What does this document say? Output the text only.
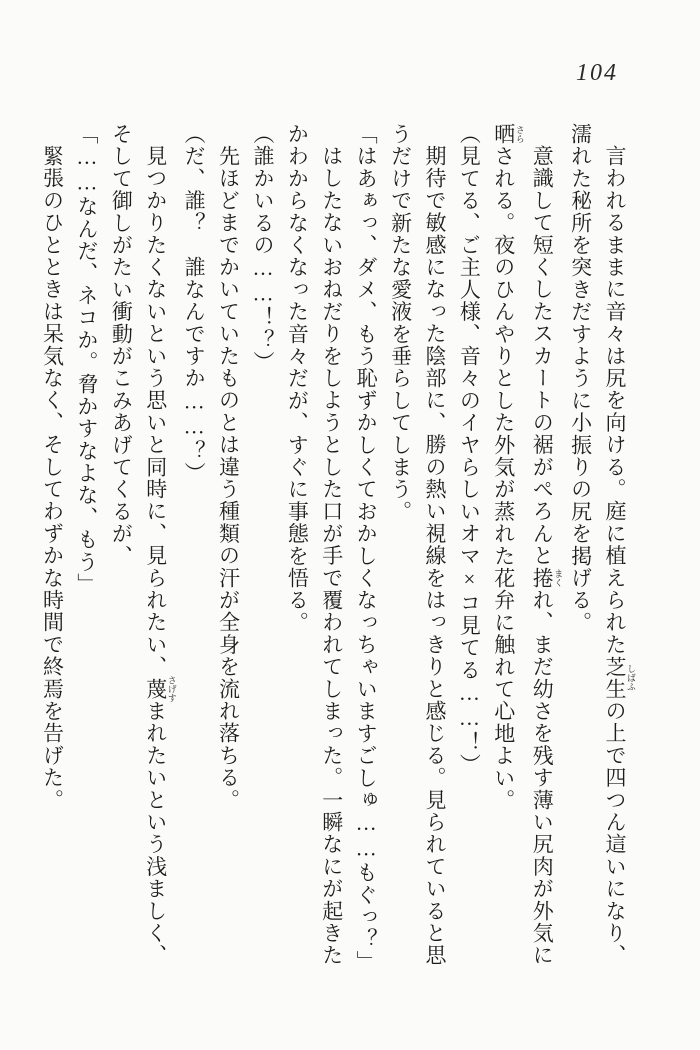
104
言われるままに音々は尻を向ける。庭に植えられた芝生 しばふの上で四つん這いになり、
濡れた秘所を突きだすように小振りの尻を掲げる。
意識して短くしたスカートの裾がぺろんと捲 まくれ、まだ幼さを残す薄い尻肉が外気に
晒 さらされる。夜のひんやりとした外気が蒸れた花弁に触れて心地よい。
（見てる、ご主人様、音々のイヤらしいオマ×コ見てる……！）
期待で敏感になった陰部に、勝の熱い視線をはっきりと感じる。見られていると思
うだけで新たな愛液を垂らしてしまう。
「はあぁっ、ダメ、もう恥ずかしくておかしくなっちゃいますごしゅ……もぐっ？」
はしたないおねだりをしようとした口が手で覆われてしまった。一瞬なにが起きた
かわからなくなった音々だが、すぐに事態を悟る。
（誰かいるの……！？）
先ほどまでかいていたものとは違う種類の汗が全身を流れ落ちる。
（だ、誰？　誰なんですか……？）
見つかりたくないという思いと同時に、見られたい、蔑 さげすまれたいという浅ましく、
そして御しがたい衝動がこみあげてくるが、
「……なんだ、ネコか。脅かすなよな、もう」
緊張のひとときは呆気なく、そしてわずかな時間で終焉を告げた。
